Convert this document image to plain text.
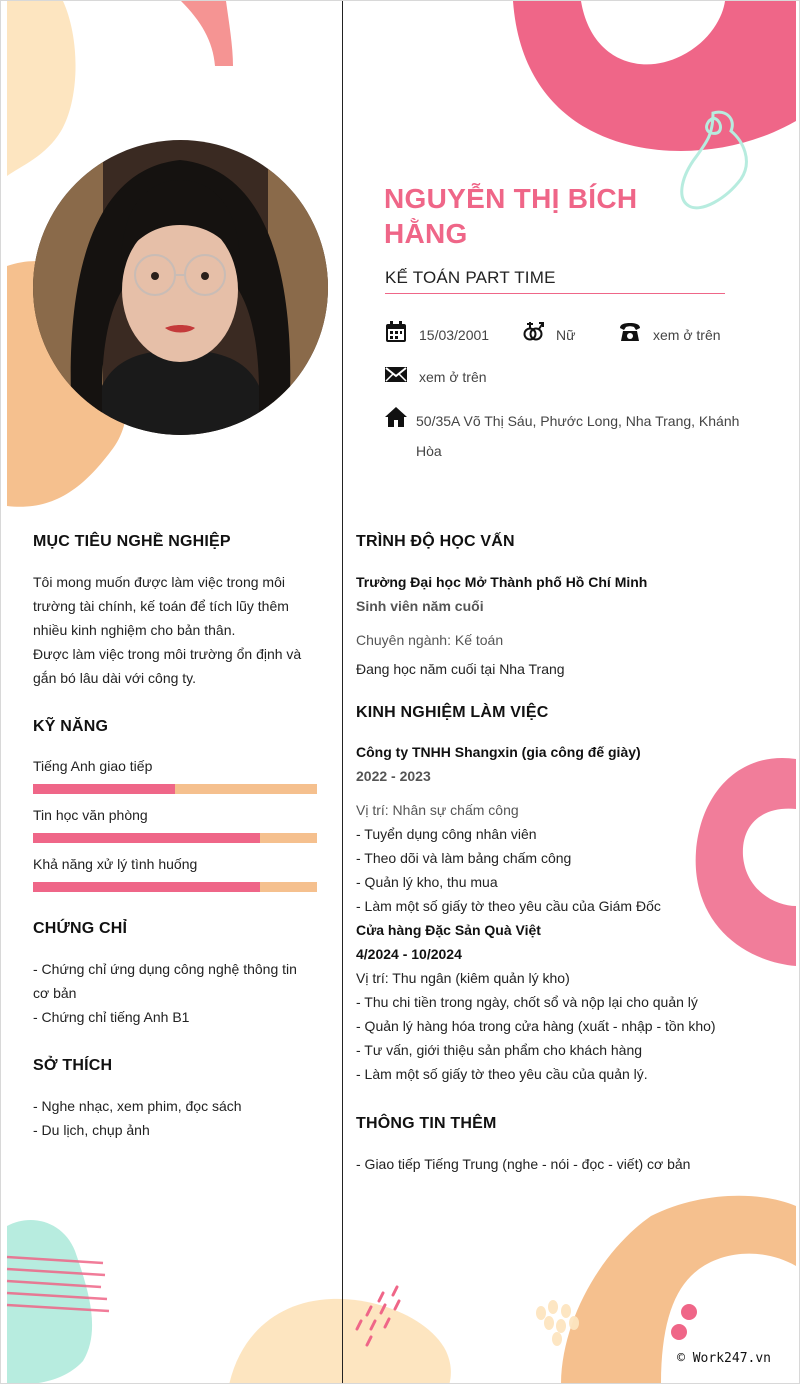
NGUYỄN THỊ BÍCH HẰNG
KẾ TOÁN PART TIME
15/03/2001	Nữ	xem ở trên
xem ở trên
50/35A Võ Thị Sáu, Phước Long, Nha Trang, Khánh Hòa
MỤC TIÊU NGHỀ NGHIỆP
Tôi mong muốn được làm việc trong môi
trường tài chính, kế toán để tích lũy thêm
nhiều kinh nghiệm cho bản thân.
Được làm việc trong môi trường ổn định và
gắn bó lâu dài với công ty.
KỸ NĂNG
Tiếng Anh giao tiếp
Tin học văn phòng
Khả năng xử lý tình huống
CHỨNG CHỈ
- Chứng chỉ ứng dụng công nghệ thông tin
cơ bản
- Chứng chỉ tiếng Anh B1
SỞ THÍCH
- Nghe nhạc, xem phim, đọc sách
- Du lịch, chụp ảnh
TRÌNH ĐỘ HỌC VẤN
Trường Đại học Mở Thành phố Hồ Chí Minh
Sinh viên năm cuối
Chuyên ngành: Kế toán
Đang học năm cuối tại Nha Trang
KINH NGHIỆM LÀM VIỆC
Công ty TNHH Shangxin (gia công đế giày)
2022 - 2023
Vị trí: Nhân sự chấm công
- Tuyển dụng công nhân viên
- Theo dõi và làm bảng chấm công
- Quản lý kho, thu mua
- Làm một số giấy tờ theo yêu cầu của Giám Đốc
Cửa hàng Đặc Sản Quà Việt
4/2024 - 10/2024
Vị trí: Thu ngân (kiêm quản lý kho)
- Thu chi tiền trong ngày, chốt sổ và nộp lại cho quản lý
- Quản lý hàng hóa trong cửa hàng (xuất - nhập - tồn kho)
- Tư vấn, giới thiệu sản phẩm cho khách hàng
- Làm một số giấy tờ theo yêu cầu của quản lý.
THÔNG TIN THÊM
- Giao tiếp Tiếng Trung (nghe - nói - đọc - viết) cơ bản
© Work247.vn
